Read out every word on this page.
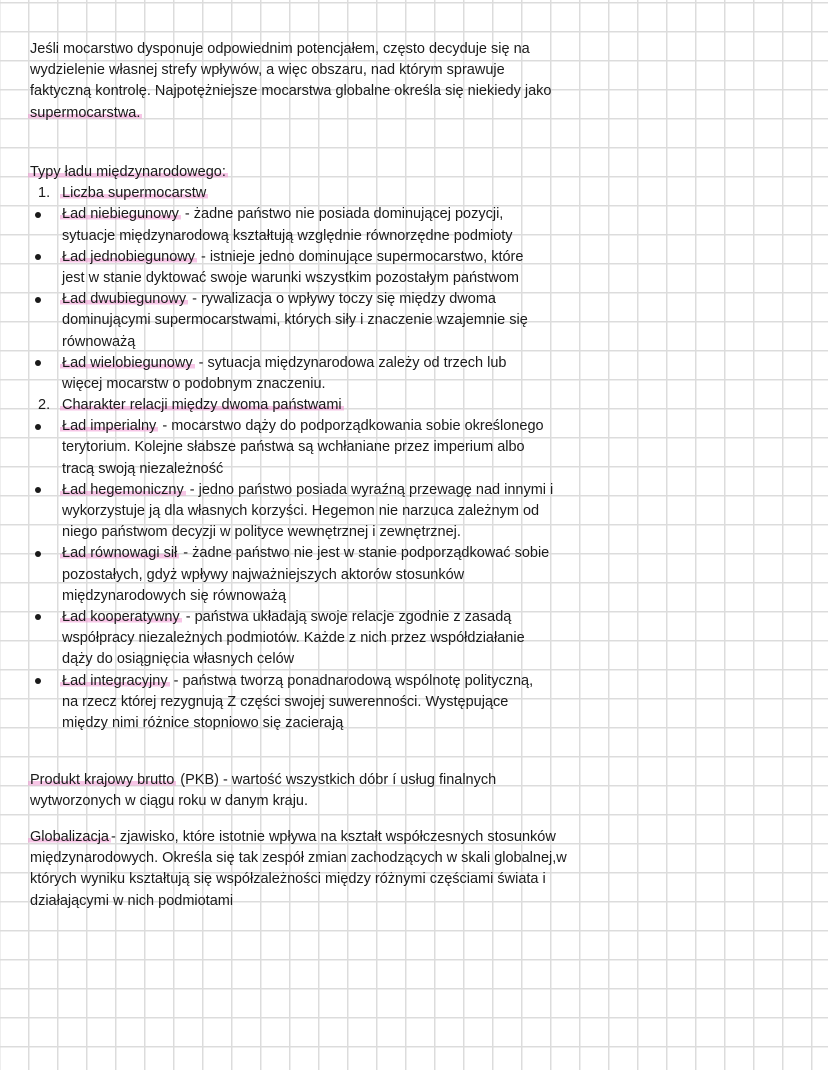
Jeśli mocarstwo dysponuje odpowiednim potencjałem, często decyduje się na
wydzielenie własnej strefy wpływów, a więc obszaru, nad którym sprawuje
faktyczną kontrolę. Najpotężniejsze mocarstwa globalne określa się niekiedy jako
supermocarstwa.
Typy ładu międzynarodowego:
1. Liczba supermocarstw
Ład niebiegunowy - żadne państwo nie posiada dominującej pozycji,
sytuacje międzynarodową kształtują względnie równorzędne podmioty
Ład jednobiegunowy - istnieje jedno dominujące supermocarstwo, które
jest w stanie dyktować swoje warunki wszystkim pozostałym państwom
Ład dwubiegunowy - rywalizacja o wpływy toczy się między dwoma
dominującymi supermocarstwami, których siły i znaczenie wzajemnie się
równoważą
Ład wielobiegunowy - sytuacja międzynarodowa zależy od trzech lub
więcej mocarstw o podobnym znaczeniu.
2. Charakter relacji między dwoma państwami
Ład imperialny - mocarstwo dąży do podporządkowania sobie określonego
terytorium. Kolejne słabsze państwa są wchłaniane przez imperium albo
tracą swoją niezależność
Ład hegemoniczny - jedno państwo posiada wyraźną przewagę nad innymi i
wykorzystuje ją dla własnych korzyści. Hegemon nie narzuca zależnym od
niego państwom decyzji w polityce wewnętrznej i zewnętrznej.
Ład równowagi sił - żadne państwo nie jest w stanie podporządkować sobie
pozostałych, gdyż wpływy najważniejszych aktorów stosunków
międzynarodowych się równoważą
Ład kooperatywny - państwa układają swoje relacje zgodnie z zasadą
współpracy niezależnych podmiotów. Każde z nich przez współdziałanie
dąży do osiągnięcia własnych celów
Ład integracyjny - państwa tworzą ponadnarodową wspólnotę polityczną,
na rzecz której rezygnują Z części swojej suwerenności. Występujące
między nimi różnice stopniowo się zacierają
Produkt krajowy brutto (PKB) - wartość wszystkich dóbr í usług finalnych
wytworzonych w ciągu roku w danym kraju.
Globalizacja - zjawisko, które istotnie wpływa na kształt współczesnych stosunków
międzynarodowych. Określa się tak zespół zmian zachodzących w skali globalnej,w
których wyniku kształtują się współzależności między różnymi częściami świata i
działającymi w nich podmiotami
